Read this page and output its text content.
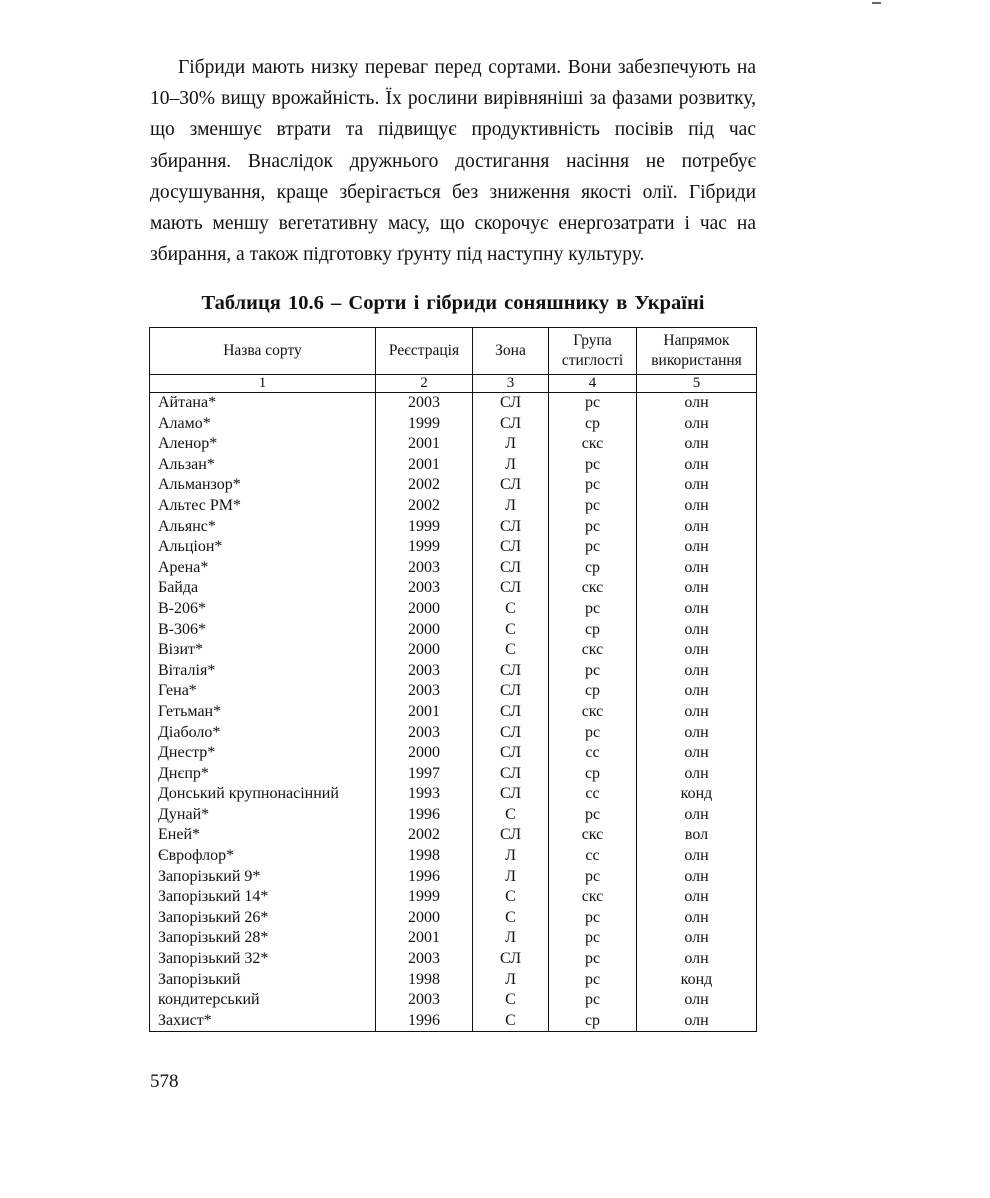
Гібриди мають низку переваг перед сортами. Вони забезпечують на 10–30% вищу врожайність. Їх рослини вирівняніші за фазами розвитку, що зменшує втрати та підвищує продуктивність посівів під час збирання. Внаслідок дружнього достигання насіння не потребує досушування, краще зберігається без зниження якості олії. Гібриди мають меншу вегетативну масу, що скорочує енергозатрати і час на збирання, а також підготовку ґрунту під наступну культуру.

Таблиця 10.6 – Сорти і гібриди соняшнику в Україні

Назва сорту	Реєстрація	Зона	Група стиглості	Напрямок використання
1	2	3	4	5
Айтана*	2003	СЛ	рс	олн
Аламо*	1999	СЛ	ср	олн
Аленор*	2001	Л	скс	олн
Альзан*	2001	Л	рс	олн
Альманзор*	2002	СЛ	рс	олн
Альтес РМ*	2002	Л	рс	олн
Альянс*	1999	СЛ	рс	олн
Альціон*	1999	СЛ	рс	олн
Арена*	2003	СЛ	ср	олн
Байда	2003	СЛ	скс	олн
В-206*	2000	С	рс	олн
В-306*	2000	С	ср	олн
Візит*	2000	С	скс	олн
Віталія*	2003	СЛ	рс	олн
Гена*	2003	СЛ	ср	олн
Гетьман*	2001	СЛ	скс	олн
Діаболо*	2003	СЛ	рс	олн
Днестр*	2000	СЛ	сс	олн
Днєпр*	1997	СЛ	ср	олн
Донський крупнонасінний	1993	СЛ	сс	конд
Дунай*	1996	С	рс	олн
Еней*	2002	СЛ	скс	вол
Єврофлор*	1998	Л	сс	олн
Запорізький 9*	1996	Л	рс	олн
Запорізький 14*	1999	С	скс	олн
Запорізький 26*	2000	С	рс	олн
Запорізький 28*	2001	Л	рс	олн
Запорізький 32*	2003	СЛ	рс	олн
Запорізький	1998	Л	рс	конд
кондитерський	2003	С	рс	олн
Захист*	1996	С	ср	олн

578
